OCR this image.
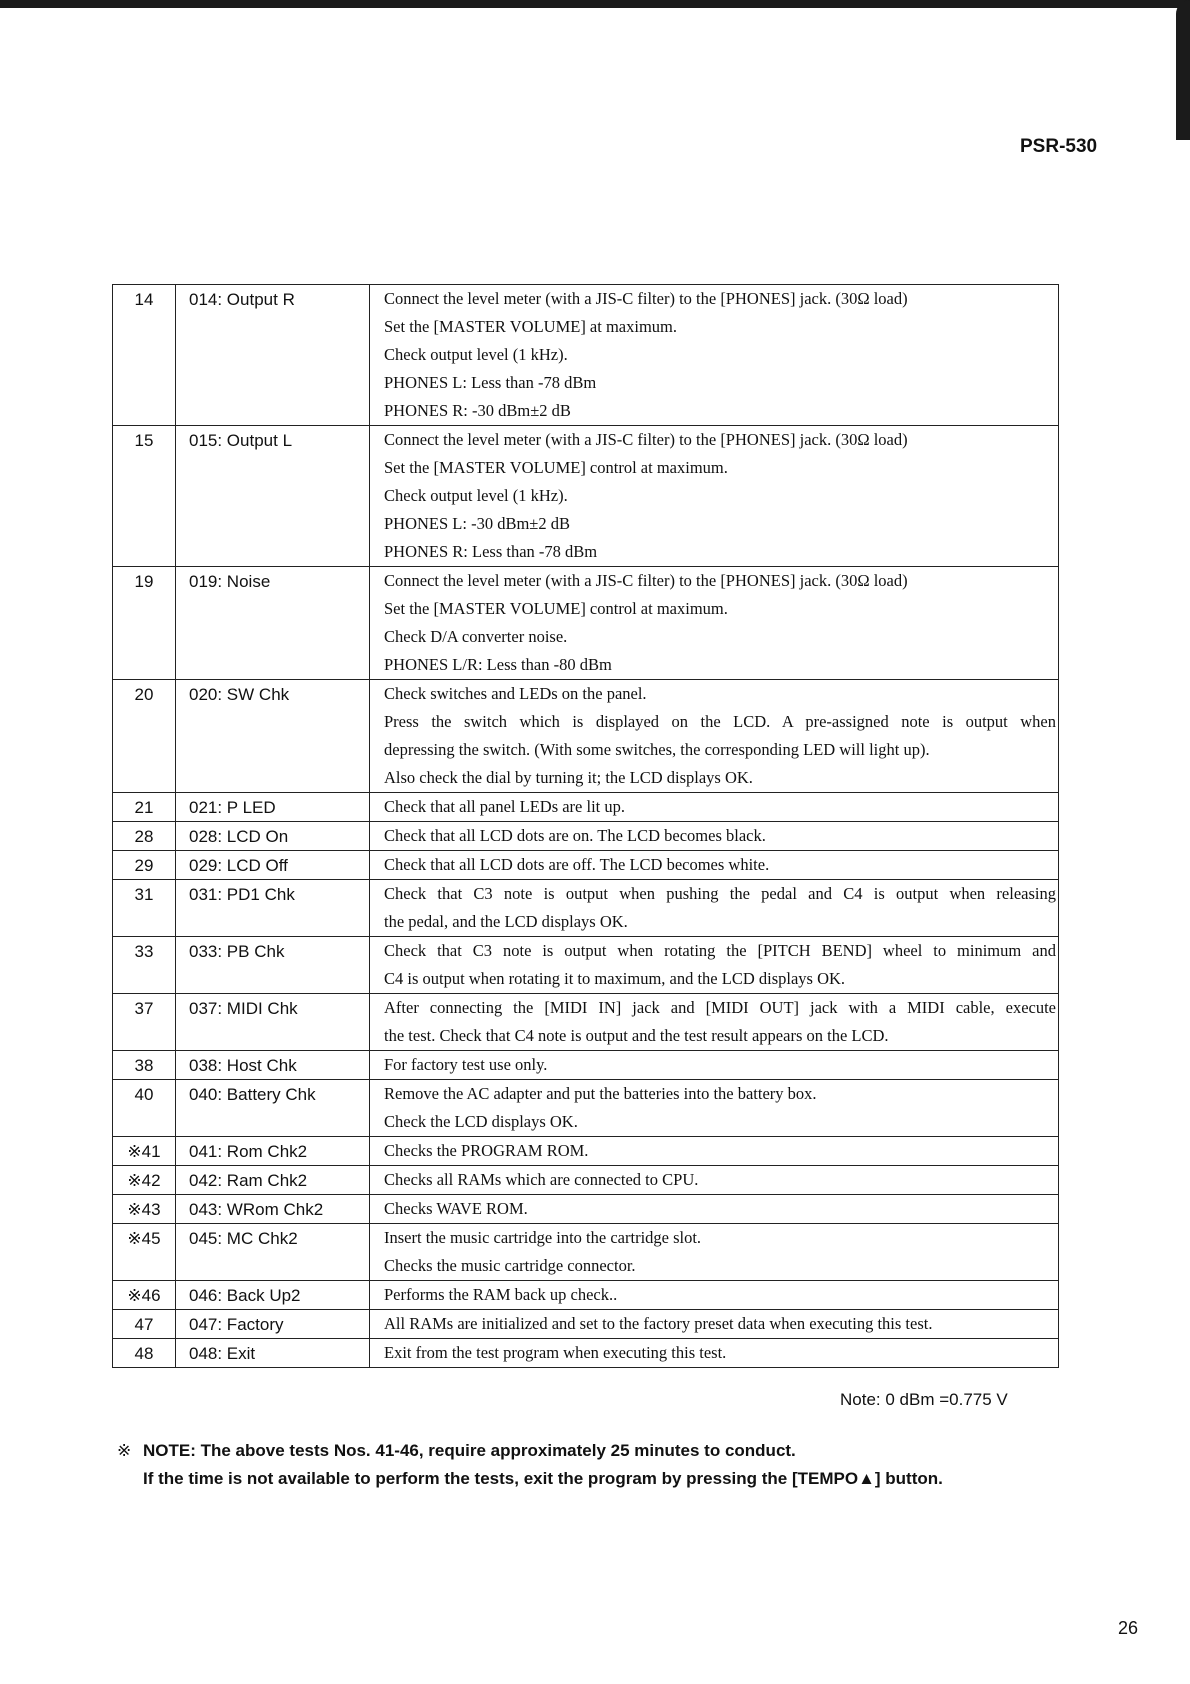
PSR-530
14	014: Output R	Connect the level meter (with a JIS-C filter) to the [PHONES] jack. (30Ω load)
Set the [MASTER VOLUME] at maximum.
Check output level (1 kHz).
PHONES L: Less than -78 dBm
PHONES R: -30 dBm±2 dB

15	015: Output L	Connect the level meter (with a JIS-C filter) to the [PHONES] jack. (30Ω load)
Set the [MASTER VOLUME] control at maximum.
Check output level (1 kHz).
PHONES L: -30 dBm±2 dB
PHONES R: Less than -78 dBm

19	019: Noise	Connect the level meter (with a JIS-C filter) to the [PHONES] jack. (30Ω load)
Set the [MASTER VOLUME] control at maximum.
Check D/A converter noise.
PHONES L/R: Less than -80 dBm

20	020: SW Chk	Check switches and LEDs on the panel.
Press the switch which is displayed on the LCD. A pre-assigned note is output when
depressing the switch. (With some switches, the corresponding LED will light up).
Also check the dial by turning it; the LCD displays OK.

21	021: P LED	Check that all panel LEDs are lit up.

28	028: LCD On	Check that all LCD dots are on. The LCD becomes black.

29	029: LCD Off	Check that all LCD dots are off. The LCD becomes white.

31	031: PD1 Chk	Check that C3 note is output when pushing the pedal and C4 is output when releasing
the pedal, and the LCD displays OK.

33	033: PB Chk	Check that C3 note is output when rotating the [PITCH BEND] wheel to minimum and
C4 is output when rotating it to maximum, and the LCD displays OK.

37	037: MIDI Chk	After connecting the [MIDI IN] jack and [MIDI OUT] jack with a MIDI cable, execute
the test. Check that C4 note is output and the test result appears on the LCD.

38	038: Host Chk	For factory test use only.

40	040: Battery Chk	Remove the AC adapter and put the batteries into the battery box.
Check the LCD displays OK.

※41	041: Rom Chk2	Checks the PROGRAM ROM.

※42	042: Ram Chk2	Checks all RAMs which are connected to CPU.

※43	043: WRom Chk2	Checks WAVE ROM.

※45	045: MC Chk2	Insert the music cartridge into the cartridge slot.
Checks the music cartridge connector.

※46	046: Back Up2	Performs the RAM back up check..

47	047: Factory	All RAMs are initialized and set to the factory preset data when executing this test.

48	048: Exit	Exit from the test program when executing this test.
Note: 0 dBm =0.775 V
※ NOTE: The above tests Nos. 41-46, require approximately 25 minutes to conduct.
If the time is not available to perform the tests, exit the program by pressing the [TEMPO▲] button.
26
